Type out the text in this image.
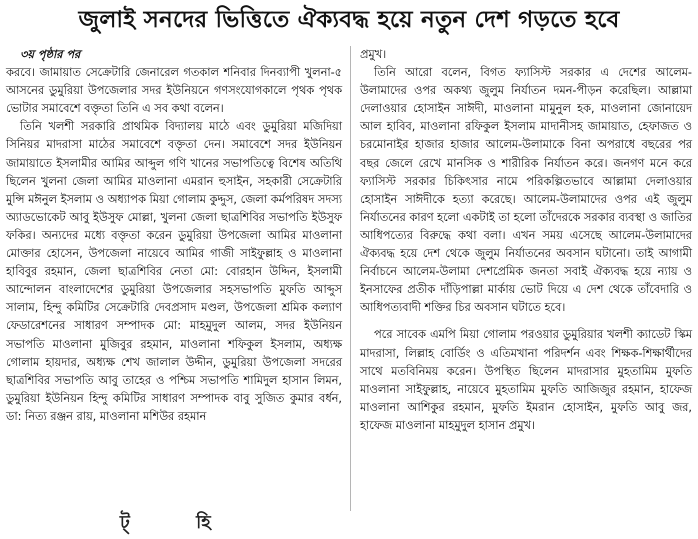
জুলাই সনদের ভিত্তিতে ঐক্যবদ্ধ হয়ে নতুন দেশ গড়তে হবে

৩য় পৃষ্ঠার পর

করবে। জামায়াত সেক্রেটারি জেনারেল গতকাল শনিবার দিনব্যাপী খুলনা-৫ আসনের ডুমুরিয়া উপজেলার সদর ইউনিয়নে গণসংযোগকালে পৃথক পৃথক ভোটার সমাবেশে বক্তৃতা তিনি এ সব কথা বলেন।

তিনি খলশী সরকারি প্রাথমিক বিদ্যালয় মাঠে এবং ডুমুরিয়া মজিদিয়া সিনিয়র মাদরাসা মাঠের সমাবেশে বক্তৃতা দেন। সমাবেশে সদর ইউনিয়ন জামায়াতে ইসলামীর আমির আব্দুল গণি খানের সভাপতিত্বে বিশেষ অতিথি ছিলেন খুলনা জেলা আমির মাওলানা এমরান হুসাইন, সহকারী সেক্রেটারি মুন্সি মঈনুল ইসলাম ও অধ্যাপক মিয়া গোলাম কুদ্দুস, জেলা কর্মপরিষদ সদস্য অ্যাডভোকেট আবু ইউসুফ মোল্লা, খুলনা জেলা ছাত্রশিবির সভাপতি ইউসুফ ফকির। অন্যদের মধ্যে বক্তৃতা করেন ডুমুরিয়া উপজেলা আমির মাওলানা মোক্তার হোসেন, উপজেলা নায়েবে আমির গাজী সাইফুল্লাহ ও মাওলানা হাবিবুর রহমান, জেলা ছাত্রশিবির নেতা মো: বোরহান উদ্দিন, ইসলামী আন্দোলন বাংলাদেশের ডুমুরিয়া উপজেলার সহসভাপতি মুফতি আব্দুস সালাম, হিন্দু কমিটির সেক্রেটারি দেবপ্রসাদ মণ্ডল, উপজেলা শ্রমিক কল্যাণ ফেডারেশনের সাধারণ সম্পাদক মো: মাহমুদুল আলম, সদর ইউনিয়ন সভাপতি মাওলানা মুজিবুর রহমান, মাওলানা শফিকুল ইসলাম, অধ্যক্ষ গোলাম হায়দার, অধ্যক্ষ শেখ জালাল উদ্দীন, ডুমুরিয়া উপজেলা সদরের ছাত্রশিবির সভাপতি আবু তাহের ও পশ্চিম সভাপতি শামিদুল হাসান লিমন, ডুমুরিয়া ইউনিয়ন হিন্দু কমিটির সাধারণ সম্পাদক বাবু সুজিত কুমার বর্ধন, ডা: নিত্য রঞ্জন রায়, মাওলানা মশিউর রহমান

প্রমুখ।

তিনি আরো বলেন, বিগত ফ্যাসিস্ট সরকার এ দেশের আলেম-উলামাদের ওপর অকথ্য জুলুম নির্যাতন দমন-পীড়ন করেছিল। আল্লামা দেলাওয়ার হোসাইন সাঈদী, মাওলানা মামুনুল হক, মাওলানা জোনায়েদ আল হাবিব, মাওলানা রফিকুল ইসলাম মাদানীসহ জামায়াত, হেফাজত ও চরমোনাইর হাজার হাজার আলেম-উলামাকে বিনা অপরাধে বছরের পর বছর জেলে রেখে মানসিক ও শারীরিক নির্যাতন করে। জনগণ মনে করে ফ্যাসিস্ট সরকার চিকিৎসার নামে পরিকল্পিতভাবে আল্লামা দেলাওয়ার হোসাইন সাঈদীকে হত্যা করেছে। আলেম-উলামাদের ওপর এই জুলুম নির্যাতনের কারণ হলো একটাই তা হলো তাঁদেরকে সরকার ব্যবস্থা ও জাতির আধিপত্যের বিরুদ্ধে কথা বলা। এখন সময় এসেছে আলেম-উলামাদের ঐক্যবদ্ধ হয়ে দেশ থেকে জুলুম নির্যাতনের অবসান ঘটানো। তাই আগামী নির্বাচনে আলেম-উলামা দেশপ্রেমিক জনতা সবাই ঐক্যবদ্ধ হয়ে ন্যায় ও ইনসাফের প্রতীক দাঁড়িপাল্লা মার্কায় ভোট দিয়ে এ দেশ থেকে তাঁবেদারি ও আধিপত্যবাদী শক্তির চির অবসান ঘটাতে হবে।

পরে সাবেক এমপি মিয়া গোলাম পরওয়ার ডুমুরিয়ার খলশী ক্যাডেট স্কিম মাদরাসা, লিল্লাহ বোর্ডিং ও এতিমখানা পরিদর্শন এবং শিক্ষক-শিক্ষার্থীদের সাথে মতবিনিময় করেন। উপস্থিত ছিলেন মাদরাসার মুহতামিম মুফতি মাওলানা সাইফুল্লাহ, নায়েবে মুহতামিম মুফতি আজিজুর রহমান, হাফেজ মাওলানা আশিকুর রহমান, মুফতি ইমরান হোসাইন, মুফতি আবু জর, হাফেজ মাওলানা মাহমুদুল হাসান প্রমুখ।

ট্ হি
